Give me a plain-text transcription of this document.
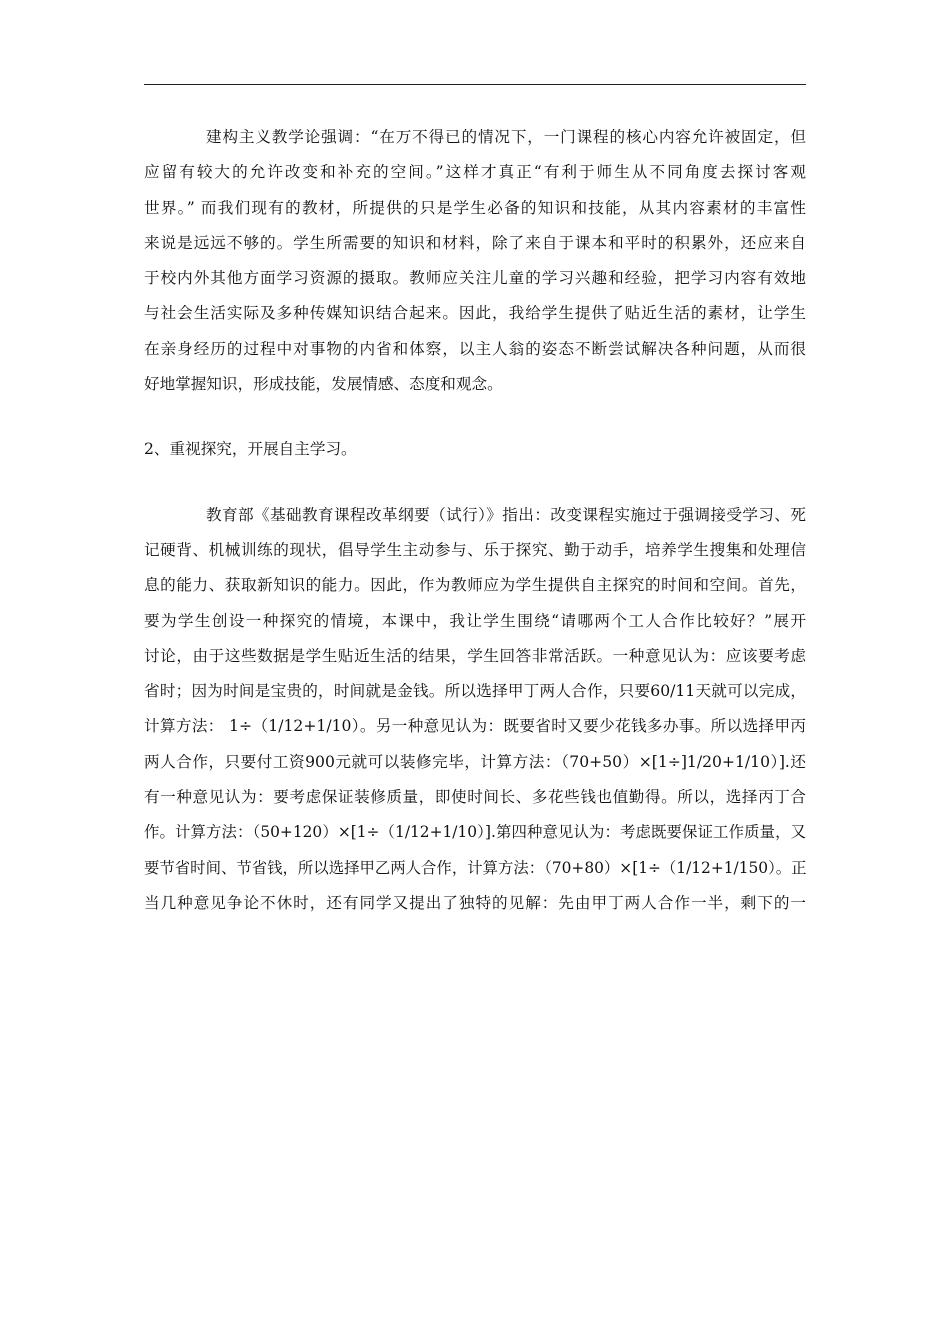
建构主义教学论强调：“在万不得已的情况下，一门课程的核心内容允许被固定，但
应留有较大的允许改变和补充的空间。”这样才真正“有利于师生从不同角度去探讨客观
世界。” 而我们现有的教材，所提供的只是学生必备的知识和技能，从其内容素材的丰富性
来说是远远不够的。学生所需要的知识和材料，除了来自于课本和平时的积累外，还应来自
于校内外其他方面学习资源的摄取。教师应关注儿童的学习兴趣和经验，把学习内容有效地
与社会生活实际及多种传媒知识结合起来。因此，我给学生提供了贴近生活的素材，让学生
在亲身经历的过程中对事物的内省和体察，以主人翁的姿态不断尝试解决各种问题，从而很
好地掌握知识，形成技能，发展情感、态度和观念。
2、重视探究，开展自主学习。
教育部《基础教育课程改革纲要（试行）》指出：改变课程实施过于强调接受学习、死
记硬背、机械训练的现状，倡导学生主动参与、乐于探究、勤于动手，培养学生搜集和处理信
息的能力、获取新知识的能力。因此，作为教师应为学生提供自主探究的时间和空间。首先，
要为学生创设一种探究的情境，本课中，我让学生围绕“请哪两个工人合作比较好？”展开
讨论，由于这些数据是学生贴近生活的结果，学生回答非常活跃。一种意见认为：应该要考虑
省时；因为时间是宝贵的，时间就是金钱。所以选择甲丁两人合作，只要60/11天就可以完成，
计算方法： 1÷（1/12+1/10）。另一种意见认为：既要省时又要少花钱多办事。所以选择甲丙
两人合作，只要付工资900元就可以装修完毕，计算方法：（70+50）×[1÷]1/20+1/10）].还
有一种意见认为：要考虑保证装修质量，即使时间长、多花些钱也值勤得。所以，选择丙丁合
作。计算方法：（50+120）×[1÷（1/12+1/10）].第四种意见认为：考虑既要保证工作质量，又
要节省时间、节省钱，所以选择甲乙两人合作，计算方法：（70+80）×[1÷（1/12+1/150）。正
当几种意见争论不休时，还有同学又提出了独特的见解：先由甲丁两人合作一半，剩下的一
